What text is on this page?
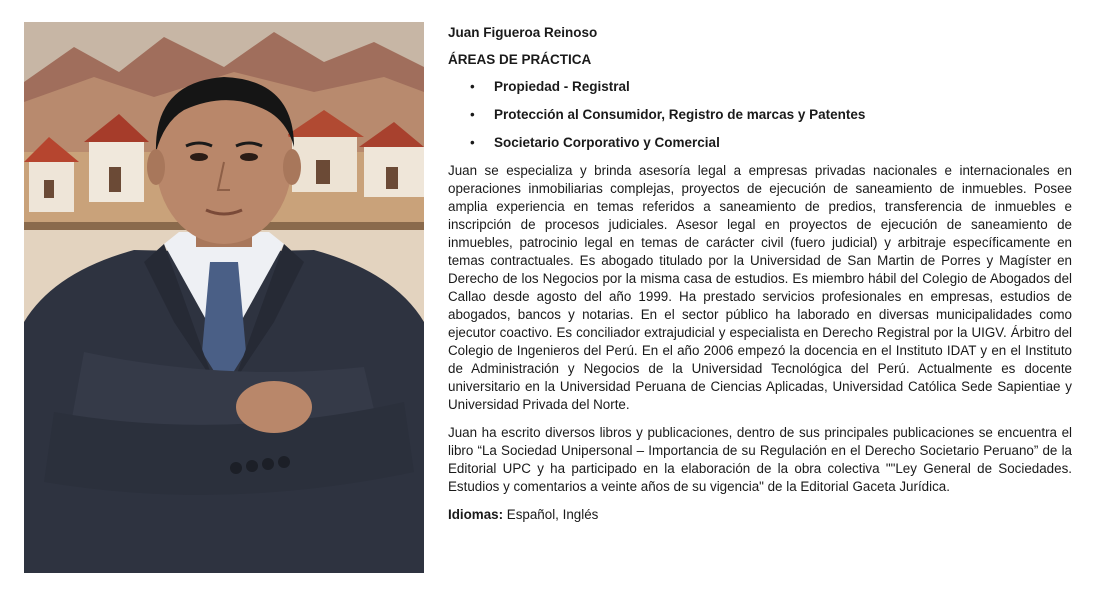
Juan Figueroa Reinoso

ÁREAS DE PRÁCTICA

• Propiedad - Registral
• Protección al Consumidor, Registro de marcas y Patentes
• Societario Corporativo y Comercial

Juan se especializa y brinda asesoría legal a empresas privadas nacionales e internacionales en operaciones inmobiliarias complejas, proyectos de ejecución de saneamiento de inmuebles. Posee amplia experiencia en temas referidos a saneamiento de predios, transferencia de inmuebles e inscripción de procesos judiciales. Asesor legal en proyectos de ejecución de saneamiento de inmuebles, patrocinio legal en temas de carácter civil (fuero judicial) y arbitraje específicamente en temas contractuales. Es abogado titulado por la Universidad de San Martin de Porres y Magíster en Derecho de los Negocios por la misma casa de estudios. Es miembro hábil del Colegio de Abogados del Callao desde agosto del año 1999. Ha prestado servicios profesionales en empresas, estudios de abogados, bancos y notarias. En el sector público ha laborado en diversas municipalidades como ejecutor coactivo. Es conciliador extrajudicial y especialista en Derecho Registral por la UIGV. Árbitro del Colegio de Ingenieros del Perú. En el año 2006 empezó la docencia en el Instituto IDAT y en el Instituto de Administración y Negocios de la Universidad Tecnológica del Perú. Actualmente es docente universitario en la Universidad Peruana de Ciencias Aplicadas, Universidad Católica Sede Sapientiae y Universidad Privada del Norte.

Juan ha escrito diversos libros y publicaciones, dentro de sus principales publicaciones se encuentra el libro “La Sociedad Unipersonal – Importancia de su Regulación en el Derecho Societario Peruano” de la Editorial UPC y ha participado en la elaboración de la obra colectiva ""Ley General de Sociedades. Estudios y comentarios a veinte años de su vigencia" de la Editorial Gaceta Jurídica.

Idiomas: Español, Inglés
